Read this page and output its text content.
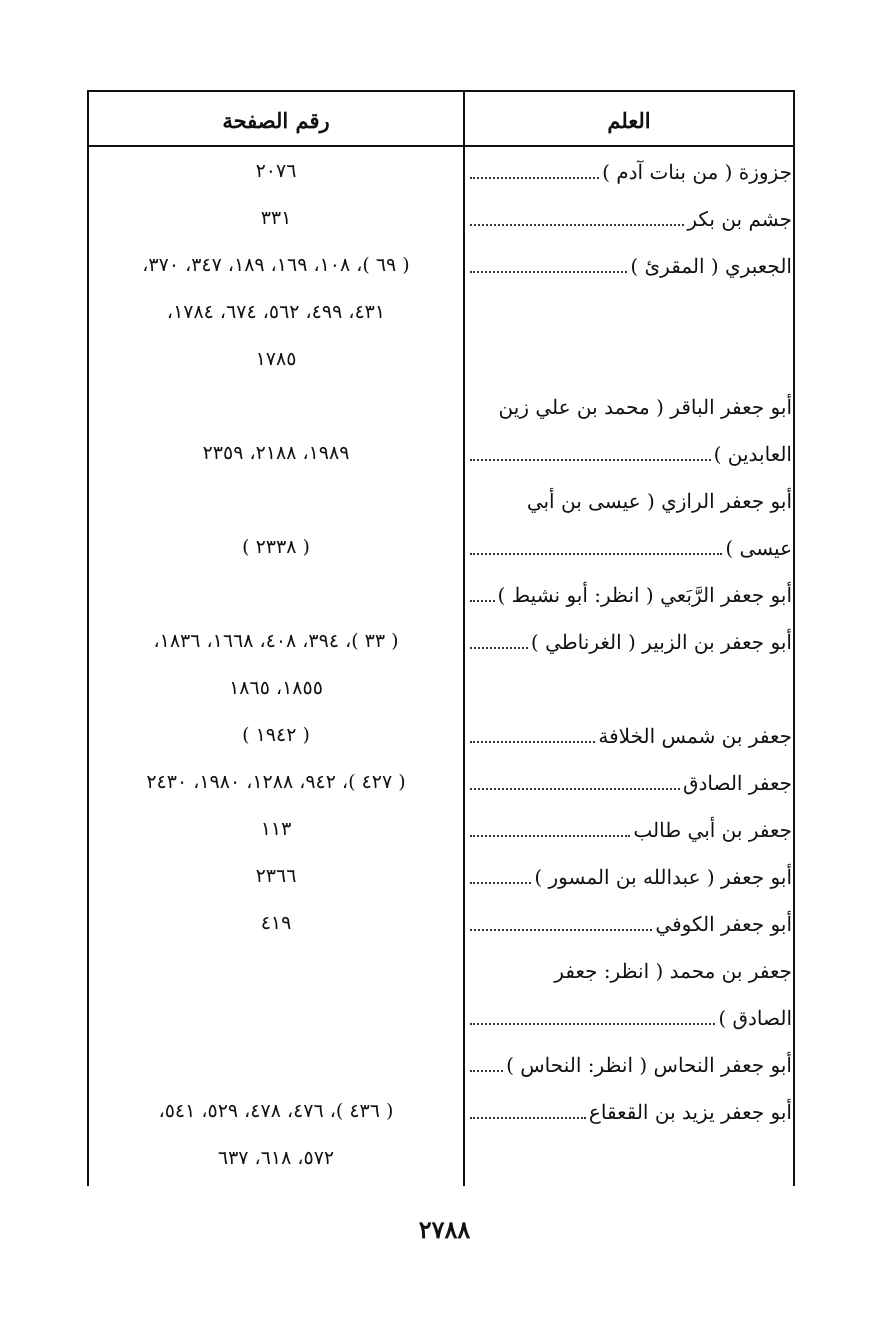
العلم
رقم الصفحة
جزوزة ( من بنات آدم )
٢٠٧٦
جشم بن بكر
٣٣١
الجعبري ( المقرئ )
( ٦٩ )، ١٠٨، ١٦٩، ١٨٩، ٣٤٧، ٣٧٠،
٤٣١، ٤٩٩، ٥٦٢، ٦٧٤، ١٧٨٤،
١٧٨٥
أبو جعفر الباقر ( محمد بن علي زين
العابدين )
١٩٨٩، ٢١٨٨، ٢٣٥٩
أبو جعفر الرازي ( عيسى بن أبي
عيسى )
( ٢٣٣٨ )
أبو جعفر الرَّبَعي ( انظر: أبو نشيط )
أبو جعفر بن الزبير ( الغرناطي )
( ٣٣ )، ٣٩٤، ٤٠٨، ١٦٦٨، ١٨٣٦،
١٨٥٥، ١٨٦٥
جعفر بن شمس الخلافة
( ١٩٤٢ )
جعفر الصادق
( ٤٢٧ )، ٩٤٢، ١٢٨٨، ١٩٨٠، ٢٤٣٠
جعفر بن أبي طالب
١١٣
أبو جعفر ( عبدالله بن المسور )
٢٣٦٦
أبو جعفر الكوفي
٤١٩
جعفر بن محمد ( انظر: جعفر
الصادق )
أبو جعفر النحاس ( انظر: النحاس )
أبو جعفر يزيد بن القعقاع
( ٤٣٦ )، ٤٧٦، ٤٧٨، ٥٢٩، ٥٤١،
٥٧٢، ٦١٨، ٦٣٧
٢٧٨٨
